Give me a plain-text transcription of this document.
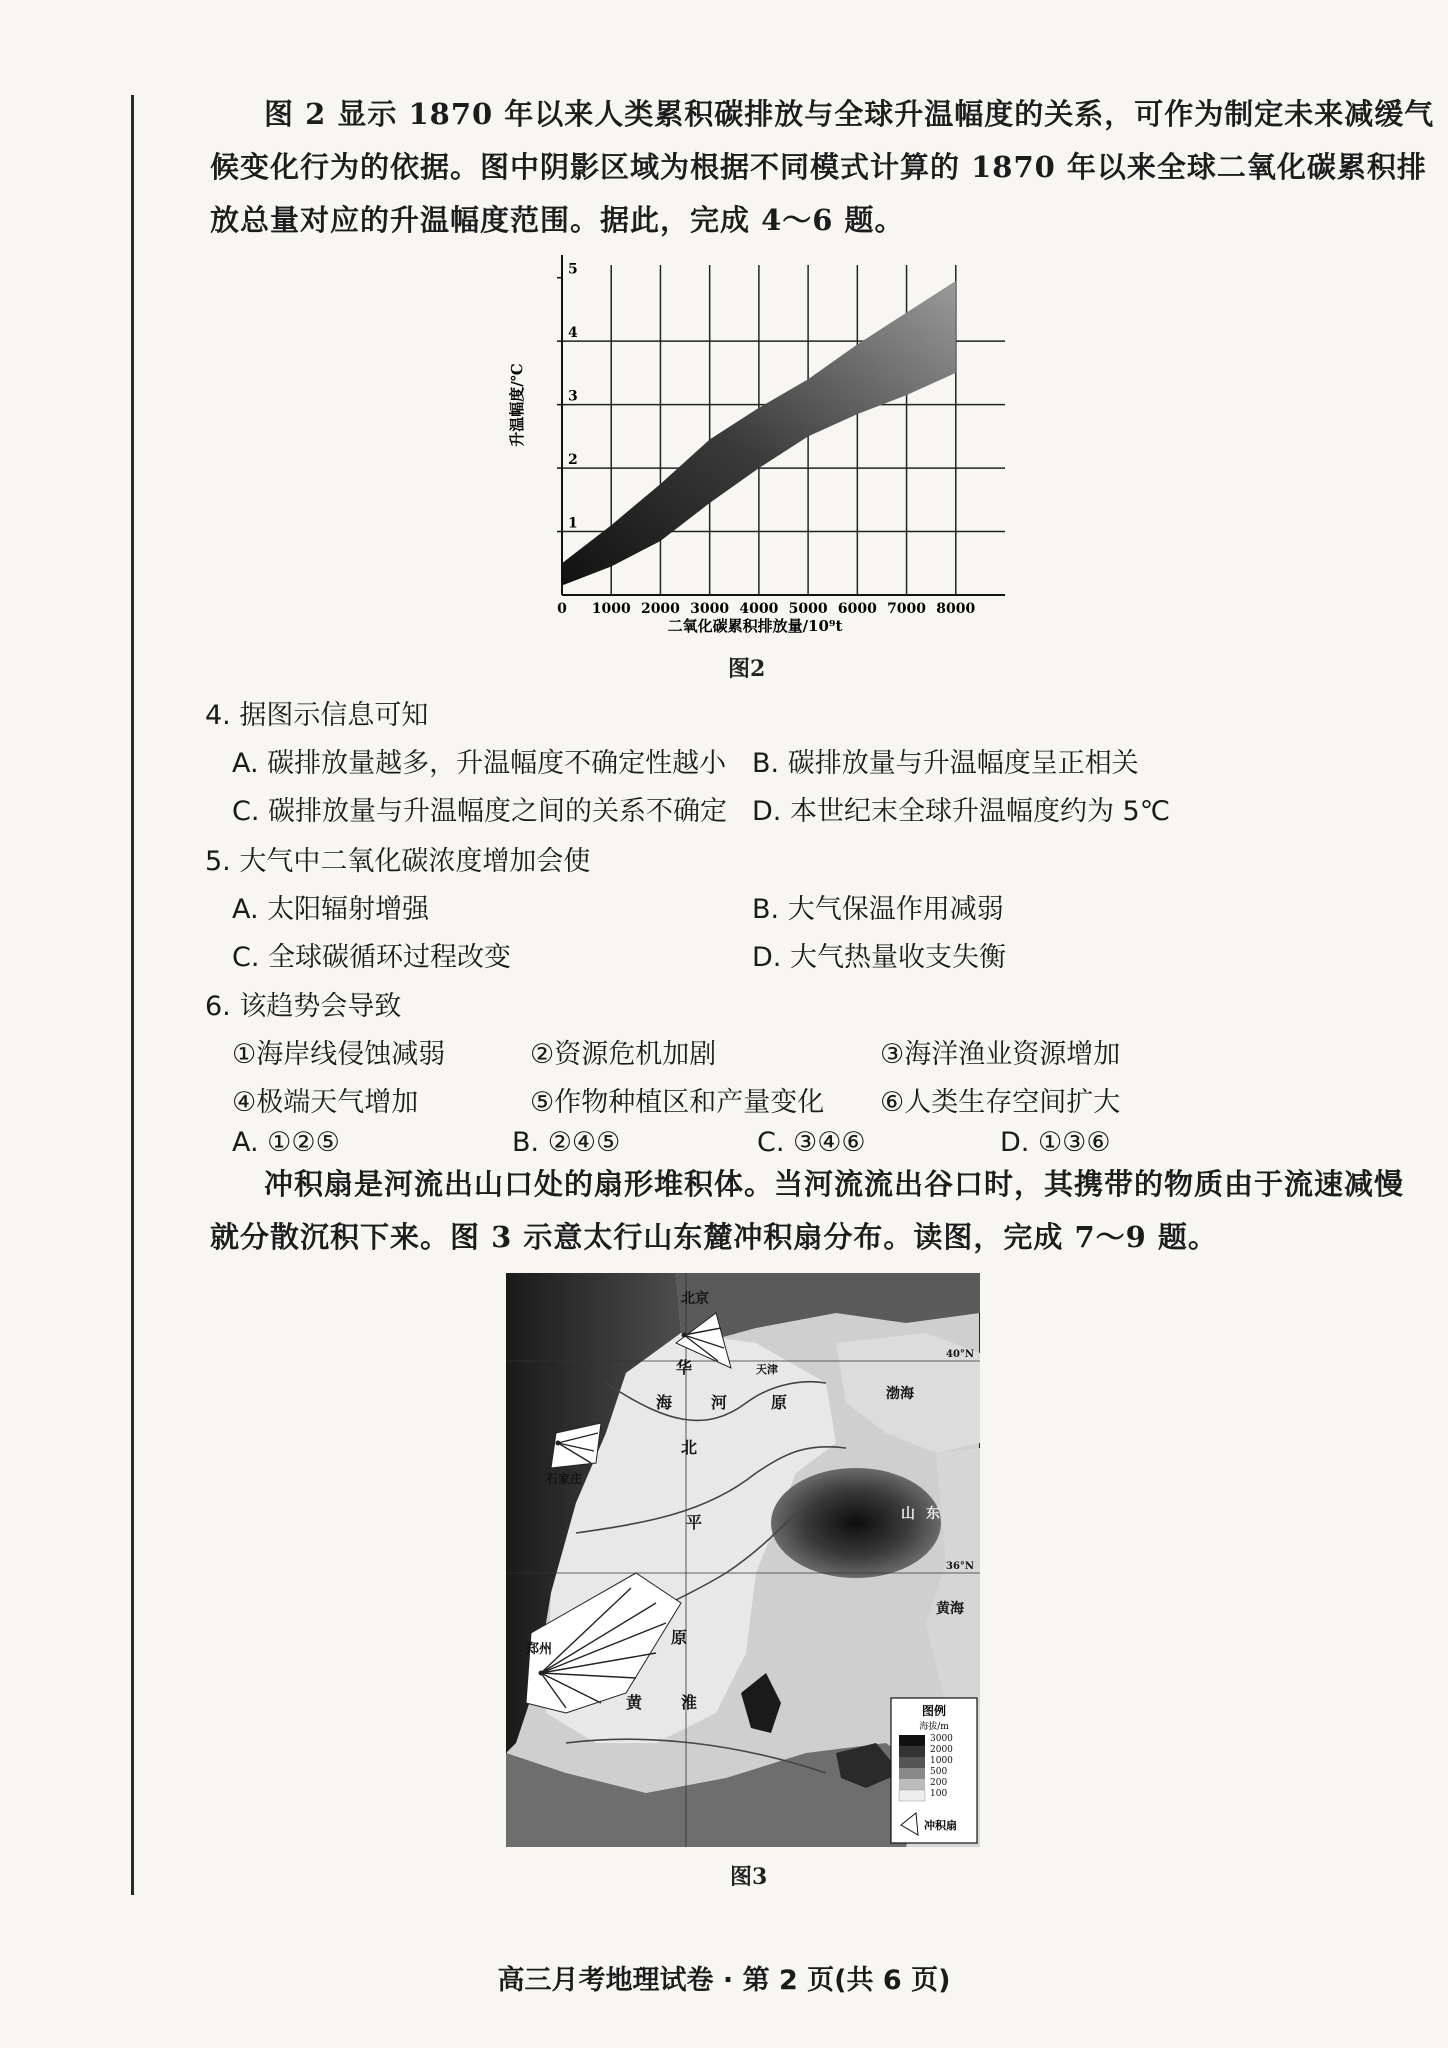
图 2 显示 1870 年以来人类累积碳排放与全球升温幅度的关系，可作为制定未来减缓气
候变化行为的依据。图中阴影区域为根据不同模式计算的 1870 年以来全球二氧化碳累积排
放总量对应的升温幅度范围。据此，完成 4～6 题。
0 1000 2000 3000 4000 5000 6000 7000 8000
1
2
3
4
5
二氧化碳累积排放量/10⁹t
升温幅度/℃
图2
4. 据图示信息可知
A. 碳排放量越多，升温幅度不确定性越小 B. 碳排放量与升温幅度呈正相关
C. 碳排放量与升温幅度之间的关系不确定 D. 本世纪末全球升温幅度约为 5℃
5. 大气中二氧化碳浓度增加会使
A. 太阳辐射增强	B. 大气保温作用减弱
C. 全球碳循环过程改变	D. 大气热量收支失衡
6. 该趋势会导致
①海岸线侵蚀减弱	②资源危机加剧	③海洋渔业资源增加
④极端天气增加	⑤作物种植区和产量变化 ⑥人类生存空间扩大
A. ①②⑤	B. ②④⑤	C. ③④⑥	D. ①③⑥
冲积扇是河流出山口处的扇形堆积体。当河流流出谷口时，其携带的物质由于流速减慢
就分散沉积下来。图 3 示意太行山东麓冲积扇分布。读图，完成 7～9 题。
北京
天津
石家庄
郑州
渤海
黄海
华
海 河	原
北
平
黄 淮
原
山 东
40°N
36°N
图例
海拔/m
3000
2000
1000
500
200
100
冲积扇
图3
高三月考地理试卷 · 第 2 页(共 6 页)
